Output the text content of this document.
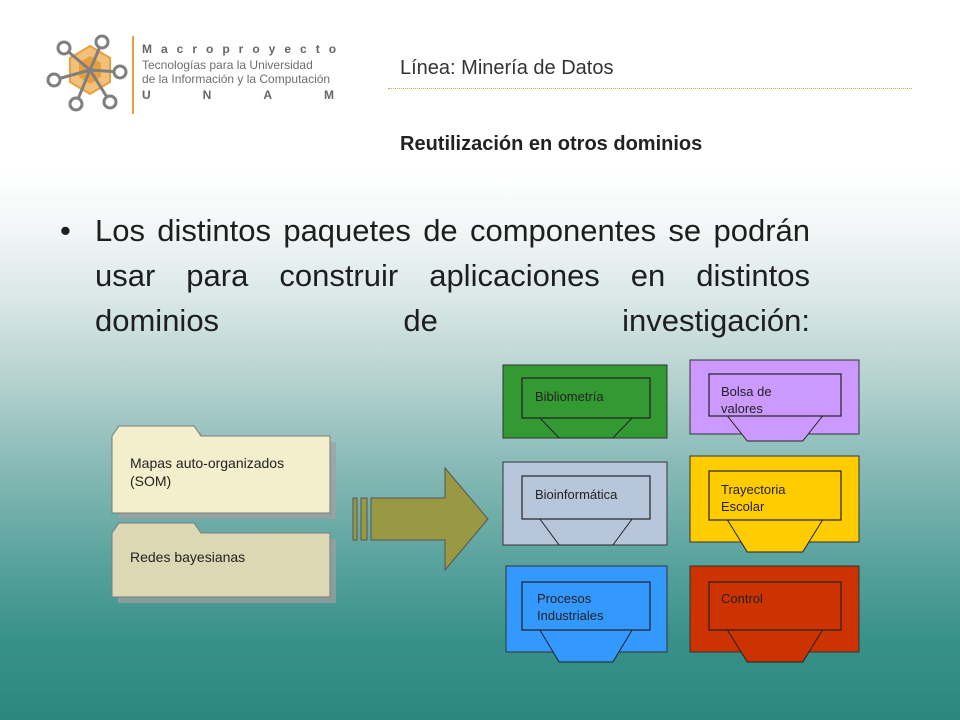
Macroproyecto
Tecnologías para la Universidad
de la Información y la Computación
UNAM
Línea: Minería de Datos
Reutilización en otros dominios
• Los distintos paquetes de componentes se podrán usar para construir aplicaciones en distintos dominios de investigación:
Mapas auto-organizados (SOM)
Redes bayesianas
Bibliometría
Bioinformática
Procesos Industriales
Bolsa de valores
Trayectoria Escolar
Control
